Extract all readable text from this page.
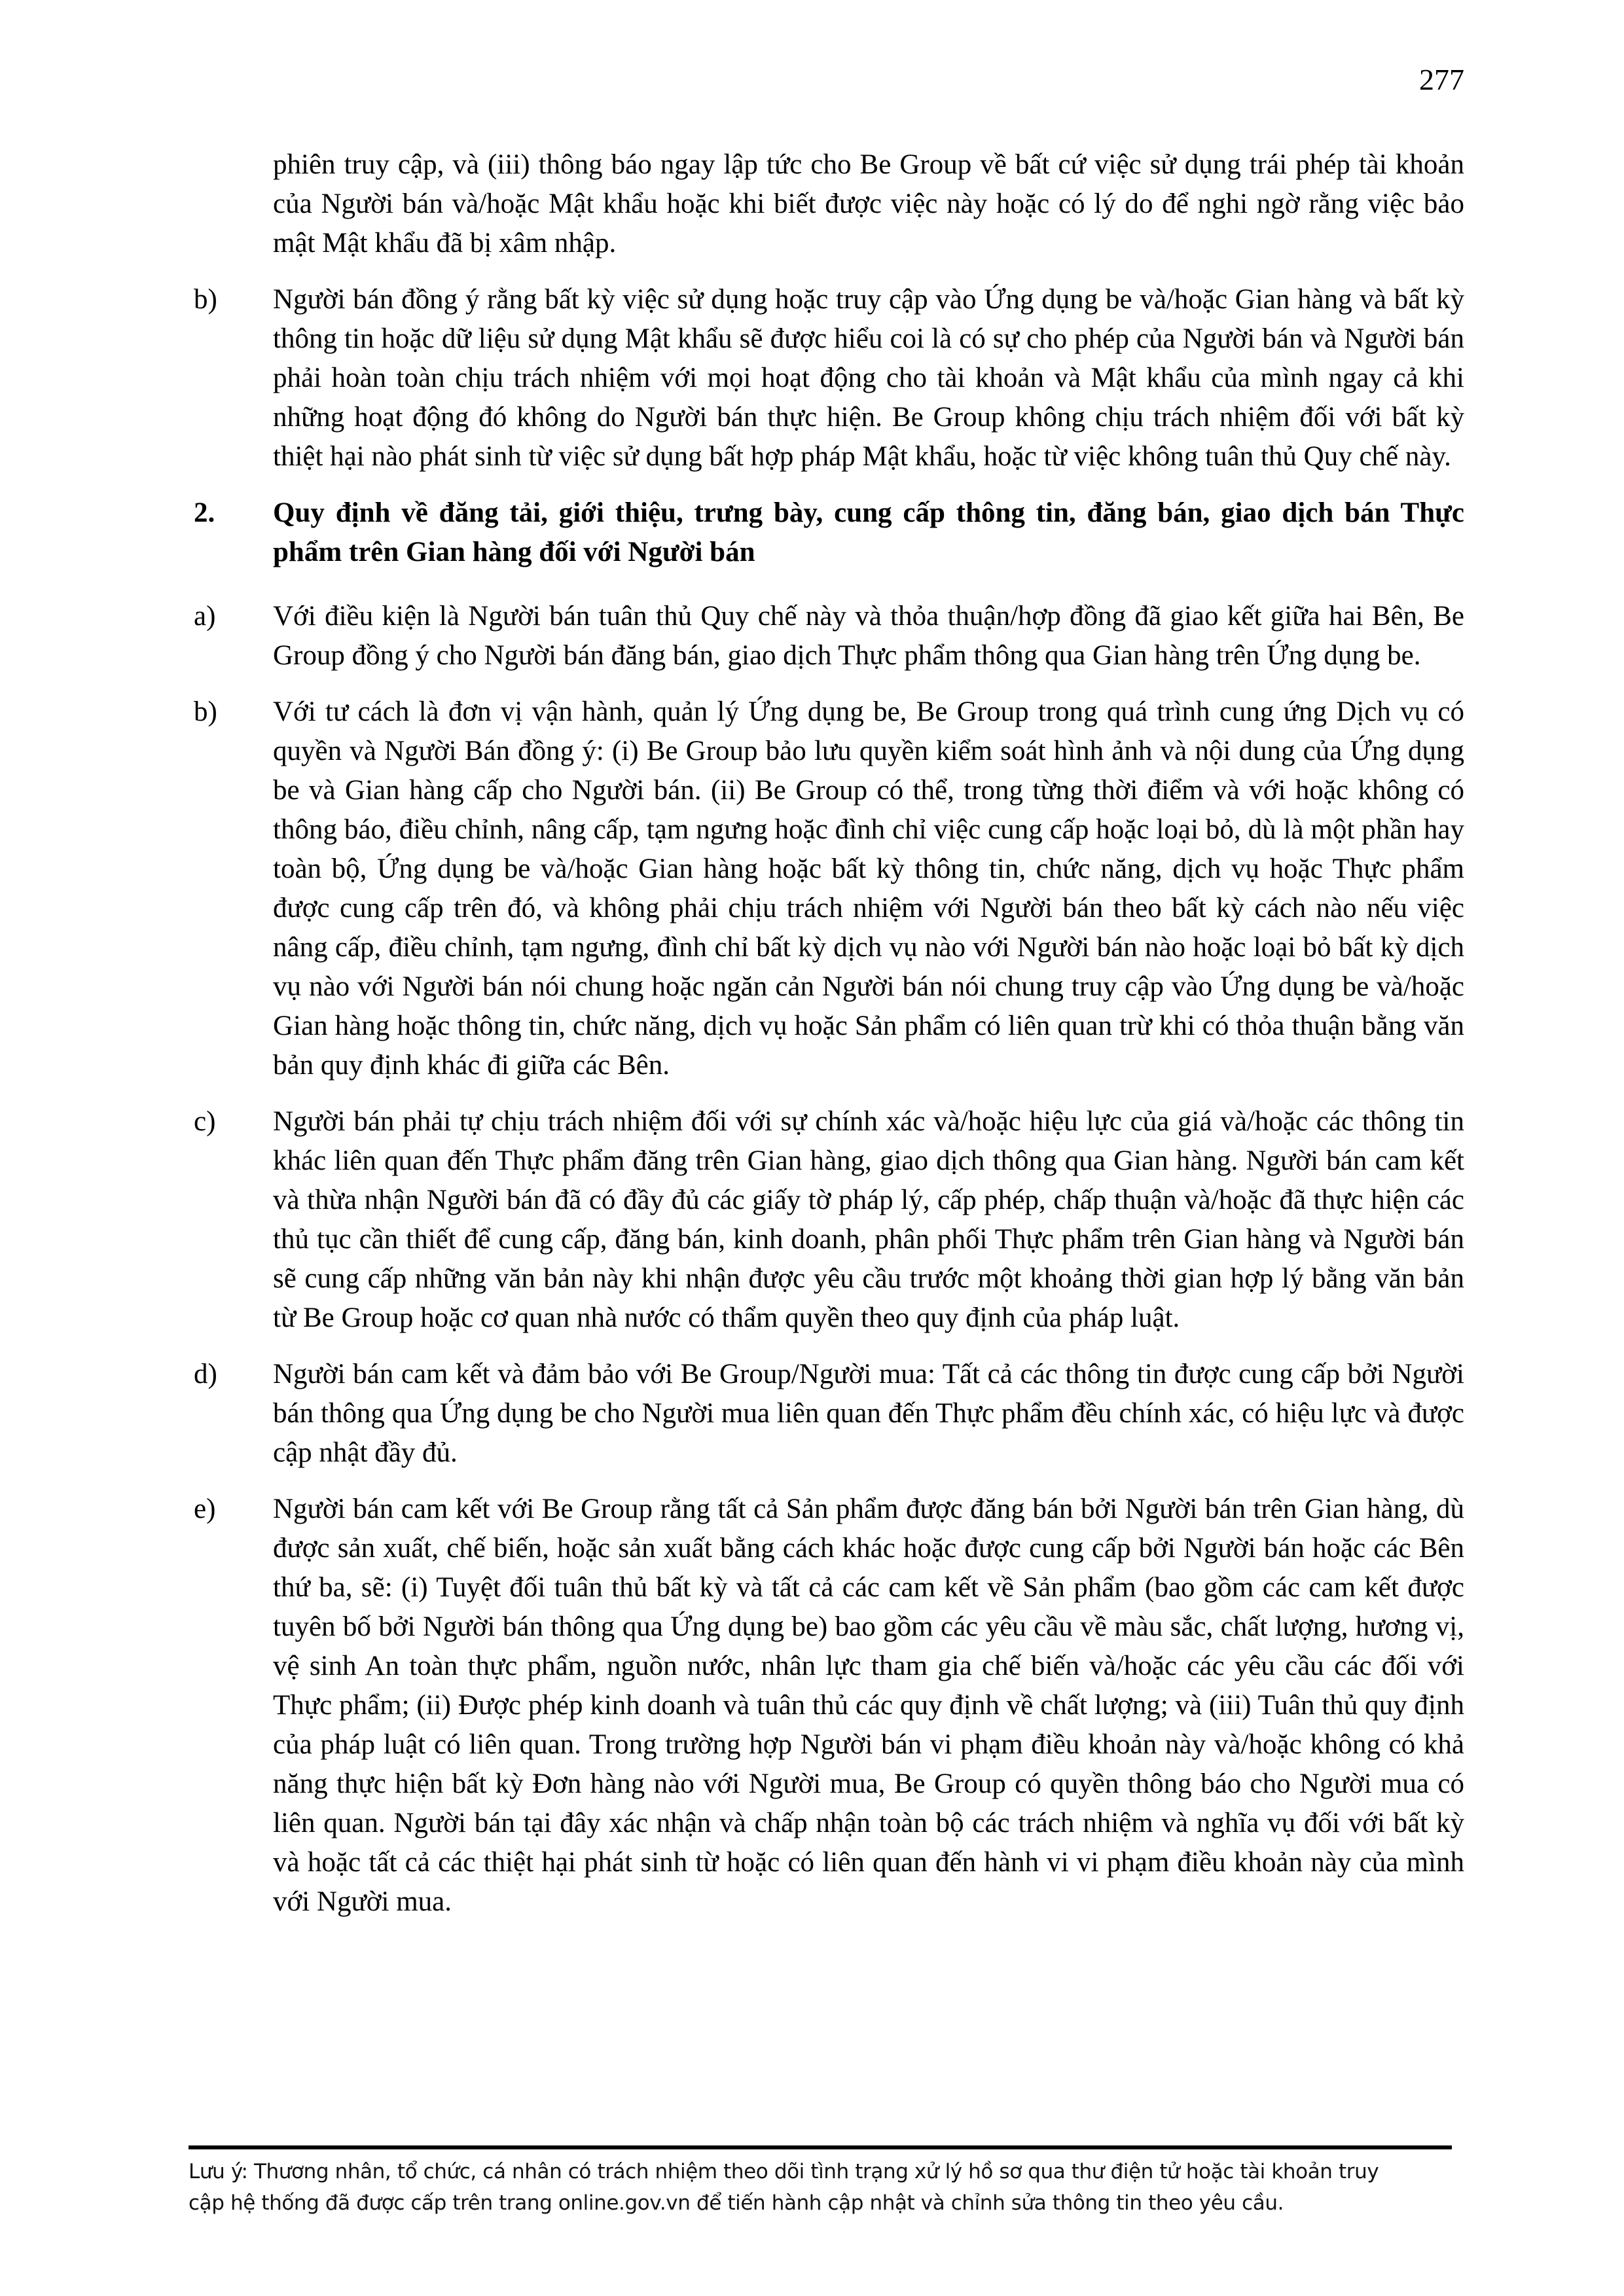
277

phiên truy cập, và (iii) thông báo ngay lập tức cho Be Group về bất cứ việc sử dụng trái phép tài khoản của Người bán và/hoặc Mật khẩu hoặc khi biết được việc này hoặc có lý do để nghi ngờ rằng việc bảo mật Mật khẩu đã bị xâm nhập.

b) Người bán đồng ý rằng bất kỳ việc sử dụng hoặc truy cập vào Ứng dụng be và/hoặc Gian hàng và bất kỳ thông tin hoặc dữ liệu sử dụng Mật khẩu sẽ được hiểu coi là có sự cho phép của Người bán và Người bán phải hoàn toàn chịu trách nhiệm với mọi hoạt động cho tài khoản và Mật khẩu của mình ngay cả khi những hoạt động đó không do Người bán thực hiện. Be Group không chịu trách nhiệm đối với bất kỳ thiệt hại nào phát sinh từ việc sử dụng bất hợp pháp Mật khẩu, hoặc từ việc không tuân thủ Quy chế này.
2. Quy định về đăng tải, giới thiệu, trưng bày, cung cấp thông tin, đăng bán, giao dịch bán Thực phẩm trên Gian hàng đối với Người bán
a) Với điều kiện là Người bán tuân thủ Quy chế này và thỏa thuận/hợp đồng đã giao kết giữa hai Bên, Be Group đồng ý cho Người bán đăng bán, giao dịch Thực phẩm thông qua Gian hàng trên Ứng dụng be.
b) Với tư cách là đơn vị vận hành, quản lý Ứng dụng be, Be Group trong quá trình cung ứng Dịch vụ có quyền và Người Bán đồng ý: (i) Be Group bảo lưu quyền kiểm soát hình ảnh và nội dung của Ứng dụng be và Gian hàng cấp cho Người bán. (ii) Be Group có thể, trong từng thời điểm và với hoặc không có thông báo, điều chỉnh, nâng cấp, tạm ngưng hoặc đình chỉ việc cung cấp hoặc loại bỏ, dù là một phần hay toàn bộ, Ứng dụng be và/hoặc Gian hàng hoặc bất kỳ thông tin, chức năng, dịch vụ hoặc Thực phẩm được cung cấp trên đó, và không phải chịu trách nhiệm với Người bán theo bất kỳ cách nào nếu việc nâng cấp, điều chỉnh, tạm ngưng, đình chỉ bất kỳ dịch vụ nào với Người bán nào hoặc loại bỏ bất kỳ dịch vụ nào với Người bán nói chung hoặc ngăn cản Người bán nói chung truy cập vào Ứng dụng be và/hoặc Gian hàng hoặc thông tin, chức năng, dịch vụ hoặc Sản phẩm có liên quan trừ khi có thỏa thuận bằng văn bản quy định khác đi giữa các Bên.
c) Người bán phải tự chịu trách nhiệm đối với sự chính xác và/hoặc hiệu lực của giá và/hoặc các thông tin khác liên quan đến Thực phẩm đăng trên Gian hàng, giao dịch thông qua Gian hàng. Người bán cam kết và thừa nhận Người bán đã có đầy đủ các giấy tờ pháp lý, cấp phép, chấp thuận và/hoặc đã thực hiện các thủ tục cần thiết để cung cấp, đăng bán, kinh doanh, phân phối Thực phẩm trên Gian hàng và Người bán sẽ cung cấp những văn bản này khi nhận được yêu cầu trước một khoảng thời gian hợp lý bằng văn bản từ Be Group hoặc cơ quan nhà nước có thẩm quyền theo quy định của pháp luật.
d) Người bán cam kết và đảm bảo với Be Group/Người mua: Tất cả các thông tin được cung cấp bởi Người bán thông qua Ứng dụng be cho Người mua liên quan đến Thực phẩm đều chính xác, có hiệu lực và được cập nhật đầy đủ.
e) Người bán cam kết với Be Group rằng tất cả Sản phẩm được đăng bán bởi Người bán trên Gian hàng, dù được sản xuất, chế biến, hoặc sản xuất bằng cách khác hoặc được cung cấp bởi Người bán hoặc các Bên thứ ba, sẽ: (i) Tuyệt đối tuân thủ bất kỳ và tất cả các cam kết về Sản phẩm (bao gồm các cam kết được tuyên bố bởi Người bán thông qua Ứng dụng be) bao gồm các yêu cầu về màu sắc, chất lượng, hương vị, vệ sinh An toàn thực phẩm, nguồn nước, nhân lực tham gia chế biến và/hoặc các yêu cầu các đối với Thực phẩm; (ii) Được phép kinh doanh và tuân thủ các quy định về chất lượng; và (iii) Tuân thủ quy định của pháp luật có liên quan. Trong trường hợp Người bán vi phạm điều khoản này và/hoặc không có khả năng thực hiện bất kỳ Đơn hàng nào với Người mua, Be Group có quyền thông báo cho Người mua có liên quan. Người bán tại đây xác nhận và chấp nhận toàn bộ các trách nhiệm và nghĩa vụ đối với bất kỳ và hoặc tất cả các thiệt hại phát sinh từ hoặc có liên quan đến hành vi vi phạm điều khoản này của mình với Người mua.
Lưu ý: Thương nhân, tổ chức, cá nhân có trách nhiệm theo dõi tình trạng xử lý hồ sơ qua thư điện tử hoặc tài khoản truy
cập hệ thống đã được cấp trên trang online.gov.vn để tiến hành cập nhật và chỉnh sửa thông tin theo yêu cầu.
